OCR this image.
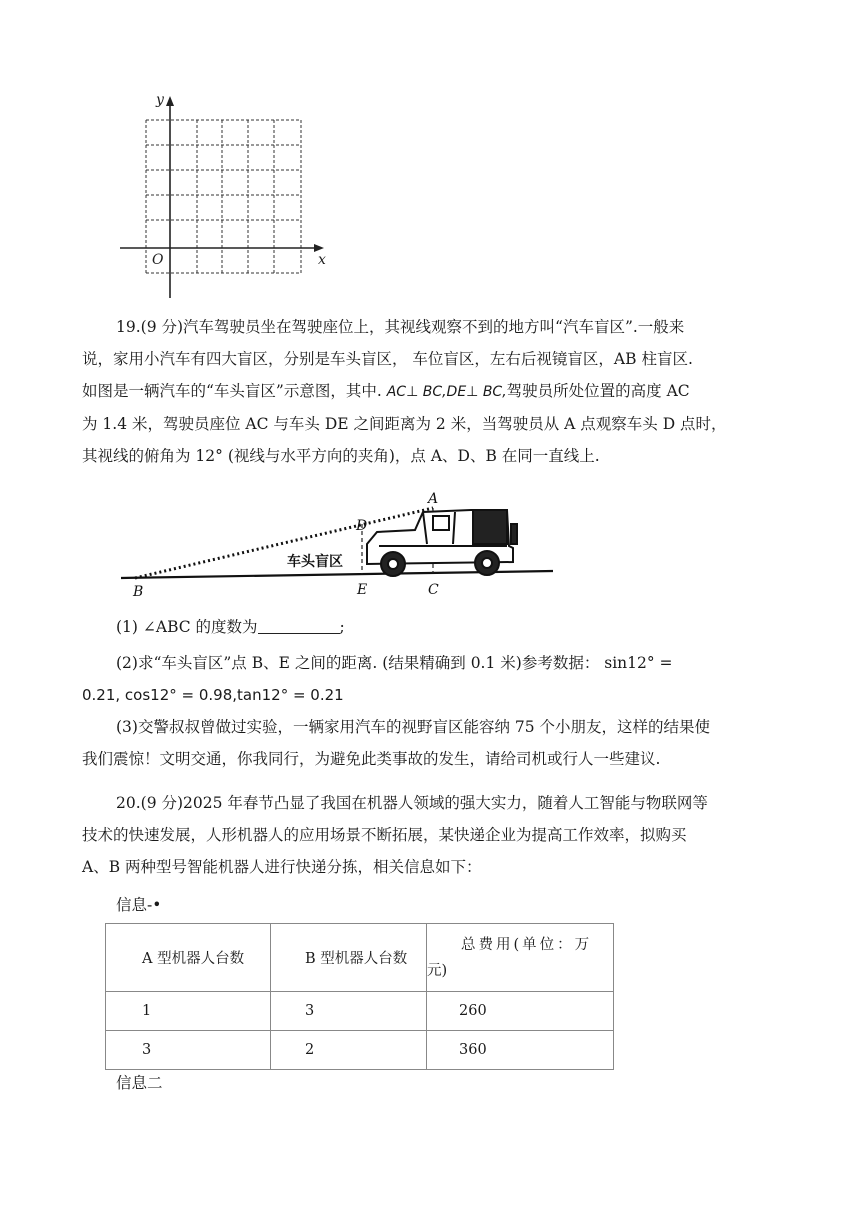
y
x
O
19.(9 分)汽车驾驶员坐在驾驶座位上，其视线观察不到的地方叫“汽车盲区”.一般来
说，家用小汽车有四大盲区，分别是车头盲区， 车位盲区，左右后视镜盲区，AB 柱盲区.
如图是一辆汽车的“车头盲区”示意图，其中. AC⊥ BC,DE⊥ BC,驾驶员所处位置的高度 AC
为 1.4 米，驾驶员座位 AC 与车头 DE 之间距离为 2 米，当驾驶员从 A 点观察车头 D 点时，
其视线的俯角为 12° (视线与水平方向的夹角)，点 A、D、B 在同一直线上.
A
D
B	E	C
车头盲区
(1) ∠ABC 的度数为	;
(2)求“车头盲区”点 B、E 之间的距离. (结果精确到 0.1 米)参考数据： sin12° =
0.21, cos12° = 0.98,tan12° = 0.21
(3)交警叔叔曾做过实验，一辆家用汽车的视野盲区能容纳 75 个小朋友，这样的结果使
我们震惊！文明交通，你我同行，为避免此类事故的发生，请给司机或行人一些建议.
20.(9 分)2025 年春节凸显了我国在机器人领域的强大实力，随着人工智能与物联网等
技术的快速发展，人形机器人的应用场景不断拓展，某快递企业为提高工作效率，拟购买
A、B 两种型号智能机器人进行快递分拣，相关信息如下：
信息-•
A 型机器人台数	B 型机器人台数	总费用(单位：万
元)

1	3	260
3	2	360
信息二
